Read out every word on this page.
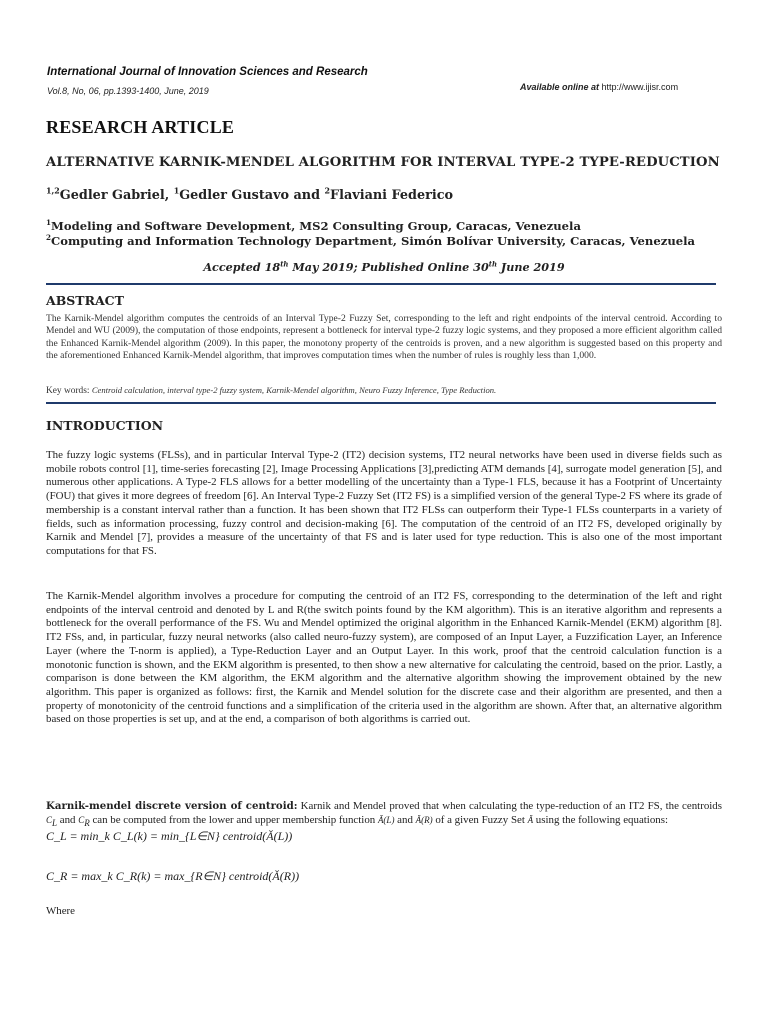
International Journal of Innovation Sciences and Research
Vol.8, No, 06, pp.1393-1400, June, 2019	Available online at http://www.ijisr.com
RESEARCH ARTICLE
ALTERNATIVE KARNIK-MENDEL ALGORITHM FOR INTERVAL TYPE-2 TYPE-REDUCTION
$^{1,2}$Gedler Gabriel, $^1$Gedler Gustavo and $^2$Flaviani Federico
$^1$Modeling and Software Development, MS2 Consulting Group, Caracas, Venezuela
$^2$Computing and Information Technology Department, Simón Bolívar University, Caracas, Venezuela
Accepted 18th May 2019; Published Online 30th June 2019
ABSTRACT
The Karnik-Mendel algorithm computes the centroids of an Interval Type-2 Fuzzy Set, corresponding to the left and right endpoints of the interval centroid. According to Mendel and WU (2009), the computation of those endpoints, represent a bottleneck for interval type-2 fuzzy logic systems, and they proposed a more efficient algorithm called the Enhanced Karnik-Mendel algorithm (2009). In this paper, the monotony property of the centroids is proven, and a new algorithm is suggested based on this property and the aforementioned Enhanced Karnik-Mendel algorithm, that improves computation times when the number of rules is roughly less than 1,000.
Key words: Centroid calculation, interval type-2 fuzzy system, Karnik-Mendel algorithm, Neuro Fuzzy Inference, Type Reduction.
INTRODUCTION
The fuzzy logic systems (FLSs), and in particular Interval Type-2 (IT2) decision systems, IT2 neural networks have been used in diverse fields such as mobile robots control [1], time-series forecasting [2], Image Processing Applications [3],predicting ATM demands [4], surrogate model generation [5], and numerous other applications. A Type-2 FLS allows for a better modelling of the uncertainty than a Type-1 FLS, because it has a Footprint of Uncertainty (FOU) that gives it more degrees of freedom [6]. An Interval Type-2 Fuzzy Set (IT2 FS) is a simplified version of the general Type-2 FS where its grade of membership is a constant interval rather than a function. It has been shown that IT2 FLSs can outperform their Type-1 FLSs counterparts in a variety of fields, such as information processing, fuzzy control and decision-making [6]. The computation of the centroid of an IT2 FS, developed originally by Karnik and Mendel [7], provides a measure of the uncertainty of that FS and is later used for type reduction. This is also one of the most important computations for that FS.
The Karnik-Mendel algorithm involves a procedure for computing the centroid of an IT2 FS, corresponding to the determination of the left and right endpoints of the interval centroid and denoted by L and R(the switch points found by the KM algorithm). This is an iterative algorithm and represents a bottleneck for the overall performance of the FS. Wu and Mendel optimized the original algorithm in the Enhanced Karnik-Mendel (EKM) algorithm [8]. IT2 FSs, and, in particular, fuzzy neural networks (also called neuro-fuzzy system), are composed of an Input Layer, a Fuzzification Layer, an Inference Layer (where the T-norm is applied), a Type-Reduction Layer and an Output Layer. In this work, proof that the centroid calculation function is a monotonic function is shown, and the EKM algorithm is presented, to then show a new alternative for calculating the centroid, based on the prior. Lastly, a comparison is done between the KM algorithm, the EKM algorithm and the alternative algorithm showing the improvement obtained by the new algorithm. This paper is organized as follows: first, the Karnik and Mendel solution for the discrete case and their algorithm are presented, and then a property of monotonicity of the centroid functions and a simplification of the criteria used in the algorithm are shown. After that, an alternative algorithm based on those properties is set up, and at the end, a comparison of both algorithms is carried out.
Karnik-mendel discrete version of centroid: Karnik and Mendel proved that when calculating the type-reduction of an IT2 FS, the centroids $C_L$ and $C_R$ can be computed from the lower and upper membership function Ă(L) and Ă(R) of a given Fuzzy Set Ă using the following equations:
C_L = min_k C_L(k) = min_{L∈N} centroid(Ă(L))
C_R = max_k C_R(k) = max_{R∈N} centroid(Ă(R))
Where
